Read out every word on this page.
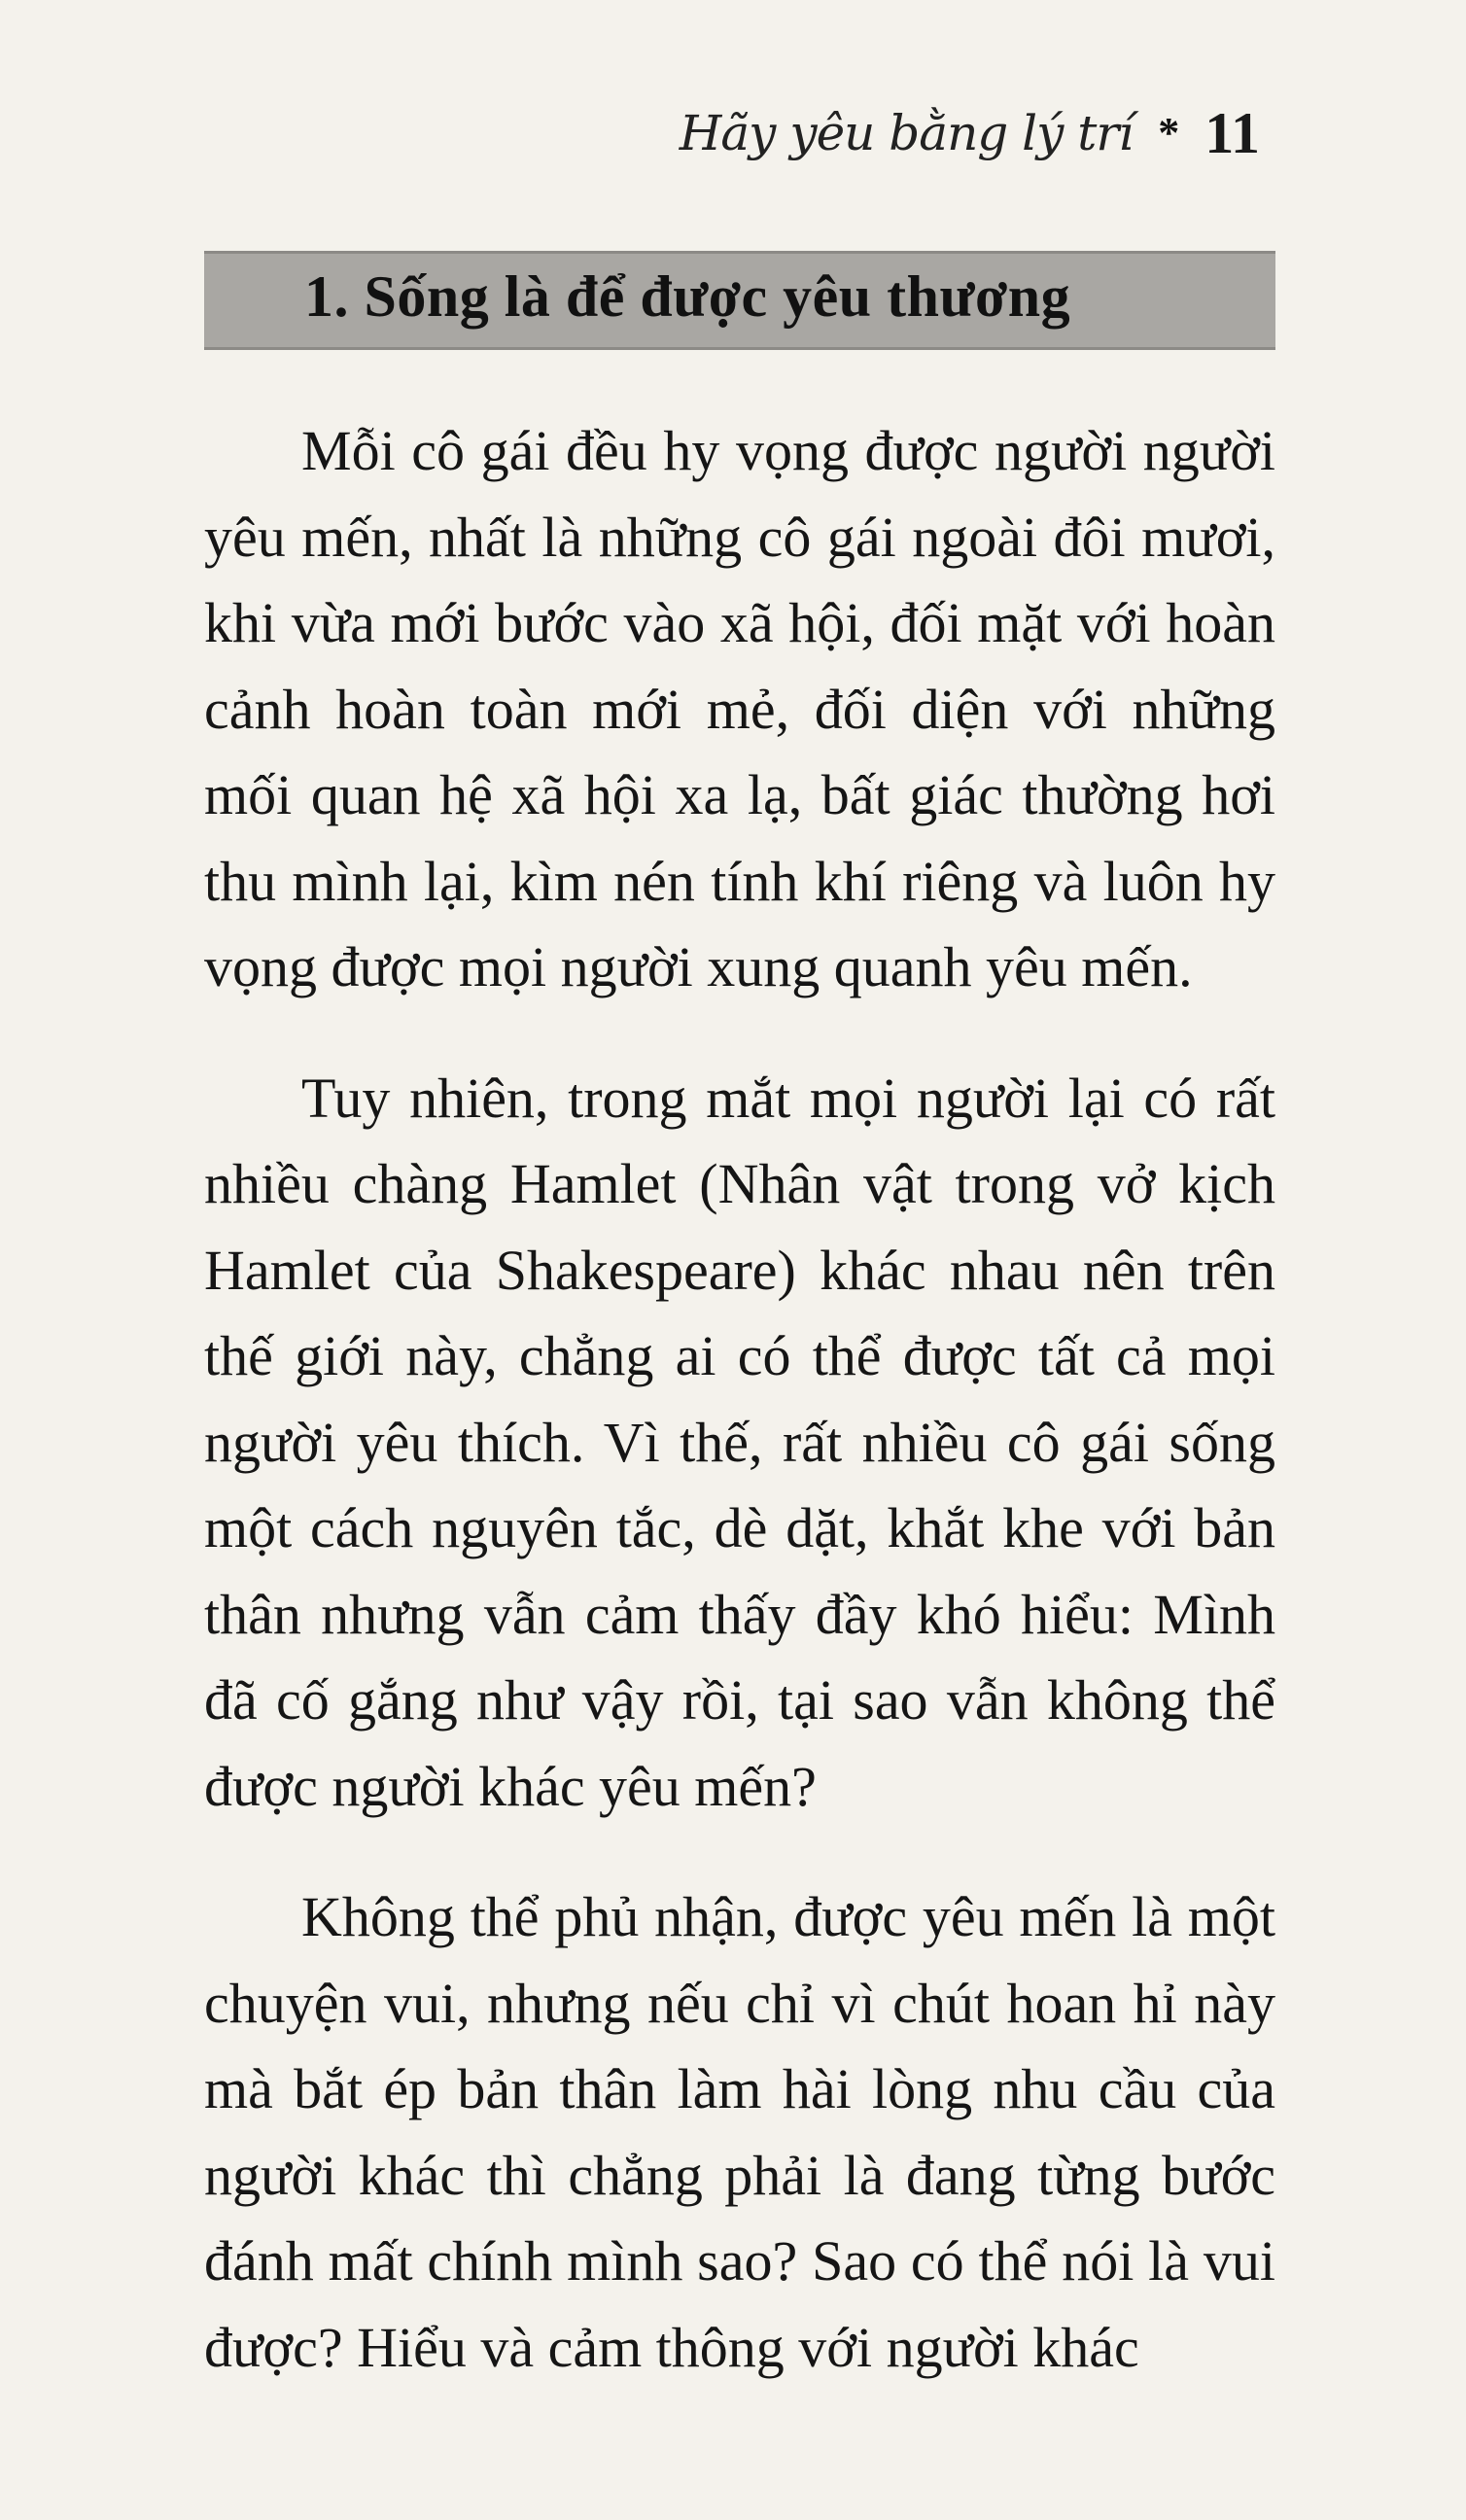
Hãy yêu bằng lý trí * 11
1. Sống là để được yêu thương

Mỗi cô gái đều hy vọng được người người yêu mến, nhất là những cô gái ngoài đôi mươi, khi vừa mới bước vào xã hội, đối mặt với hoàn cảnh hoàn toàn mới mẻ, đối diện với những mối quan hệ xã hội xa lạ, bất giác thường hơi thu mình lại, kìm nén tính khí riêng và luôn hy vọng được mọi người xung quanh yêu mến.

Tuy nhiên, trong mắt mọi người lại có rất nhiều chàng Hamlet (Nhân vật trong vở kịch Hamlet của Shakespeare) khác nhau nên trên thế giới này, chẳng ai có thể được tất cả mọi người yêu thích. Vì thế, rất nhiều cô gái sống một cách nguyên tắc, dè dặt, khắt khe với bản thân nhưng vẫn cảm thấy đầy khó hiểu: Mình đã cố gắng như vậy rồi, tại sao vẫn không thể được người khác yêu mến?

Không thể phủ nhận, được yêu mến là một chuyện vui, nhưng nếu chỉ vì chút hoan hỉ này mà bắt ép bản thân làm hài lòng nhu cầu của người khác thì chẳng phải là đang từng bước đánh mất chính mình sao? Sao có thể nói là vui được? Hiểu và cảm thông với người khác
